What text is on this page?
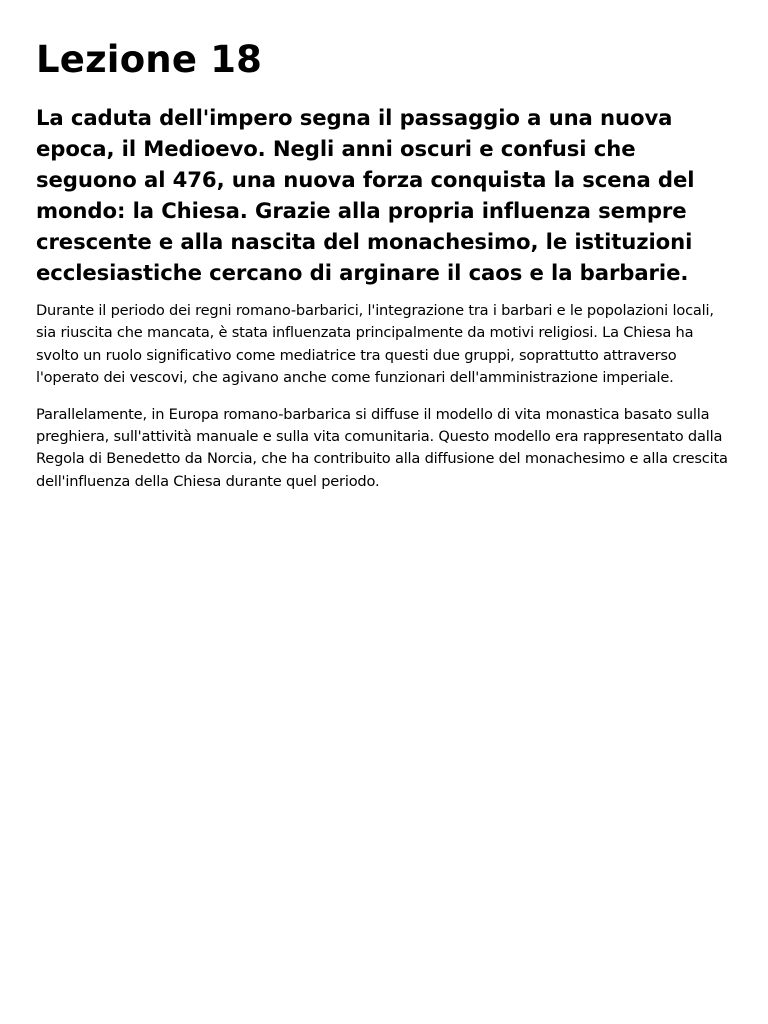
Lezione 18

La caduta dell'impero segna il passaggio a una nuova epoca, il Medioevo. Negli anni oscuri e confusi che seguono al 476, una nuova forza conquista la scena del mondo: la Chiesa. Grazie alla propria influenza sempre crescente e alla nascita del monachesimo, le istituzioni ecclesiastiche cercano di arginare il caos e la barbarie.

Durante il periodo dei regni romano-barbarici, l'integrazione tra i barbari e le popolazioni locali, sia riuscita che mancata, è stata influenzata principalmente da motivi religiosi. La Chiesa ha svolto un ruolo significativo come mediatrice tra questi due gruppi, soprattutto attraverso l'operato dei vescovi, che agivano anche come funzionari dell'amministrazione imperiale.

Parallelamente, in Europa romano-barbarica si diffuse il modello di vita monastica basato sulla preghiera, sull'attività manuale e sulla vita comunitaria. Questo modello era rappresentato dalla Regola di Benedetto da Norcia, che ha contribuito alla diffusione del monachesimo e alla crescita dell'influenza della Chiesa durante quel periodo.
